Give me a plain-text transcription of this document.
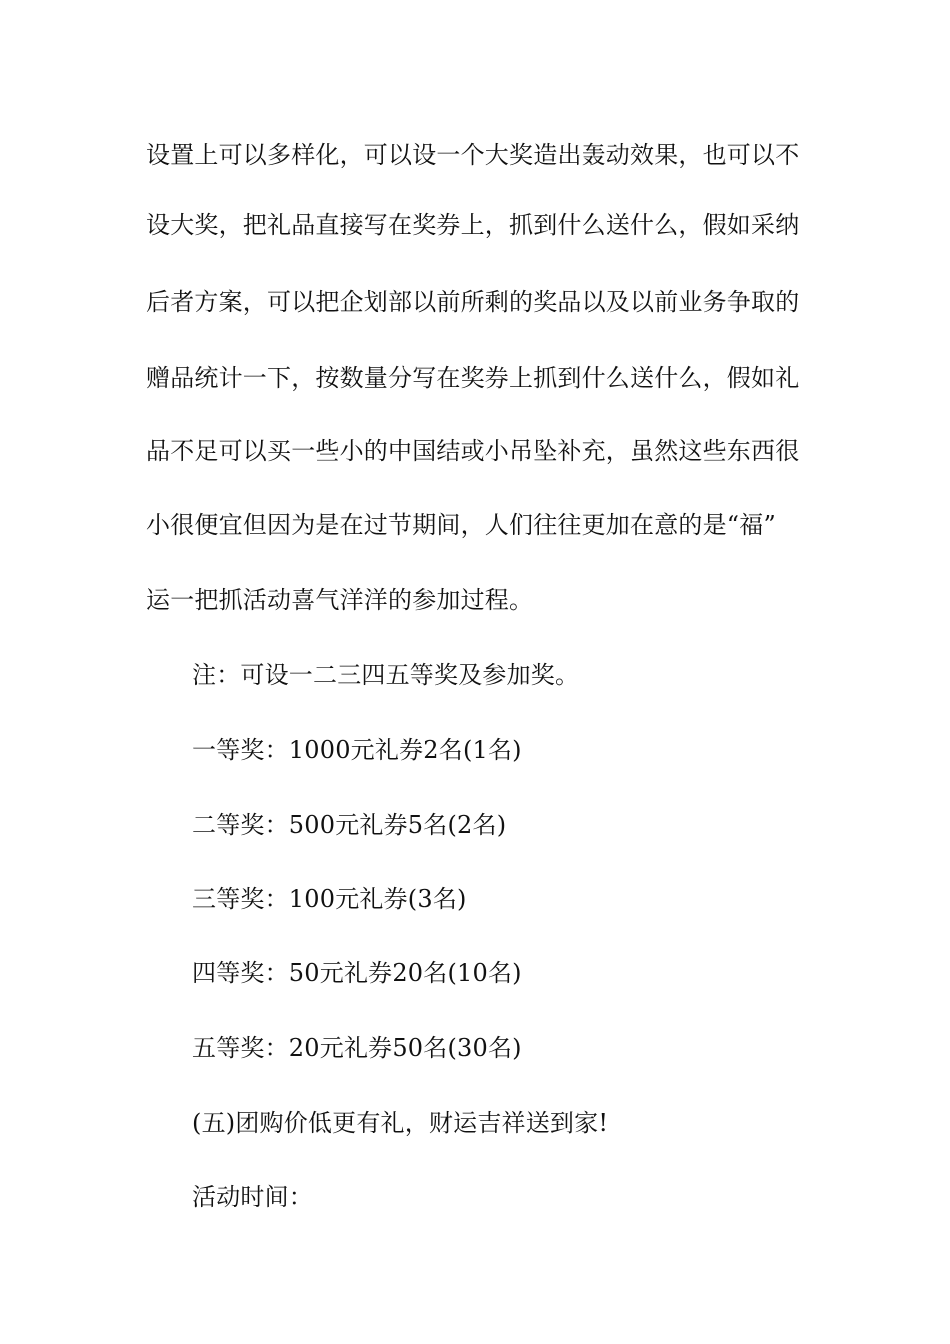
设置上可以多样化，可以设一个大奖造出轰动效果，也可以不
设大奖，把礼品直接写在奖券上，抓到什么送什么，假如采纳
后者方案，可以把企划部以前所剩的奖品以及以前业务争取的
赠品统计一下，按数量分写在奖券上抓到什么送什么，假如礼
品不足可以买一些小的中国结或小吊坠补充，虽然这些东西很
小很便宜但因为是在过节期间，人们往往更加在意的是“福”
运一把抓活动喜气洋洋的参加过程。
注：可设一二三四五等奖及参加奖。
一等奖：1000元礼券2名(1名)
二等奖：500元礼券5名(2名)
三等奖：100元礼券(3名)
四等奖：50元礼券20名(10名)
五等奖：20元礼券50名(30名)
(五)团购价低更有礼，财运吉祥送到家!
活动时间：
